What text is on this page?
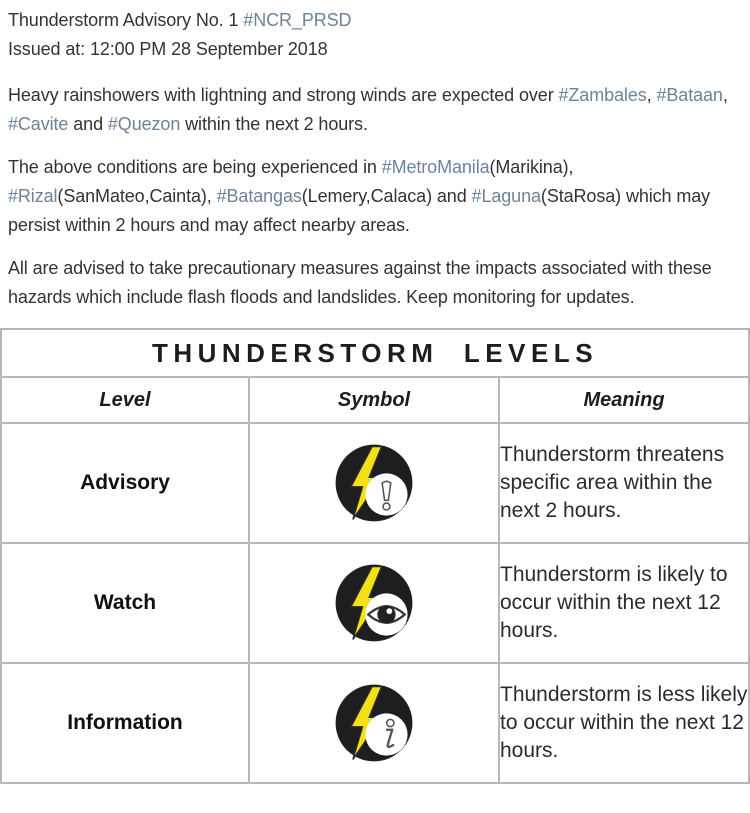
Thunderstorm Advisory No. 1 #NCR_PRSD
Issued at: 12:00 PM 28 September 2018

Heavy rainshowers with lightning and strong winds are expected over #Zambales, #Bataan, #Cavite and #Quezon within the next 2 hours.

The above conditions are being experienced in #MetroManila(Marikina), #Rizal(SanMateo,Cainta), #Batangas(Lemery,Calaca) and #Laguna(StaRosa) which may persist within 2 hours and may affect nearby areas.

All are advised to take precautionary measures against the impacts associated with these hazards which include flash floods and landslides. Keep monitoring for updates.

THUNDERSTORM  LEVELS		
Level	Symbol	Meaning
Advisory		Thunderstorm threatens specific area within the next 2 hours.
Watch		Thunderstorm is likely to occur within the next 12 hours.
Information		Thunderstorm is less likely to occur within the next 12 hours.
